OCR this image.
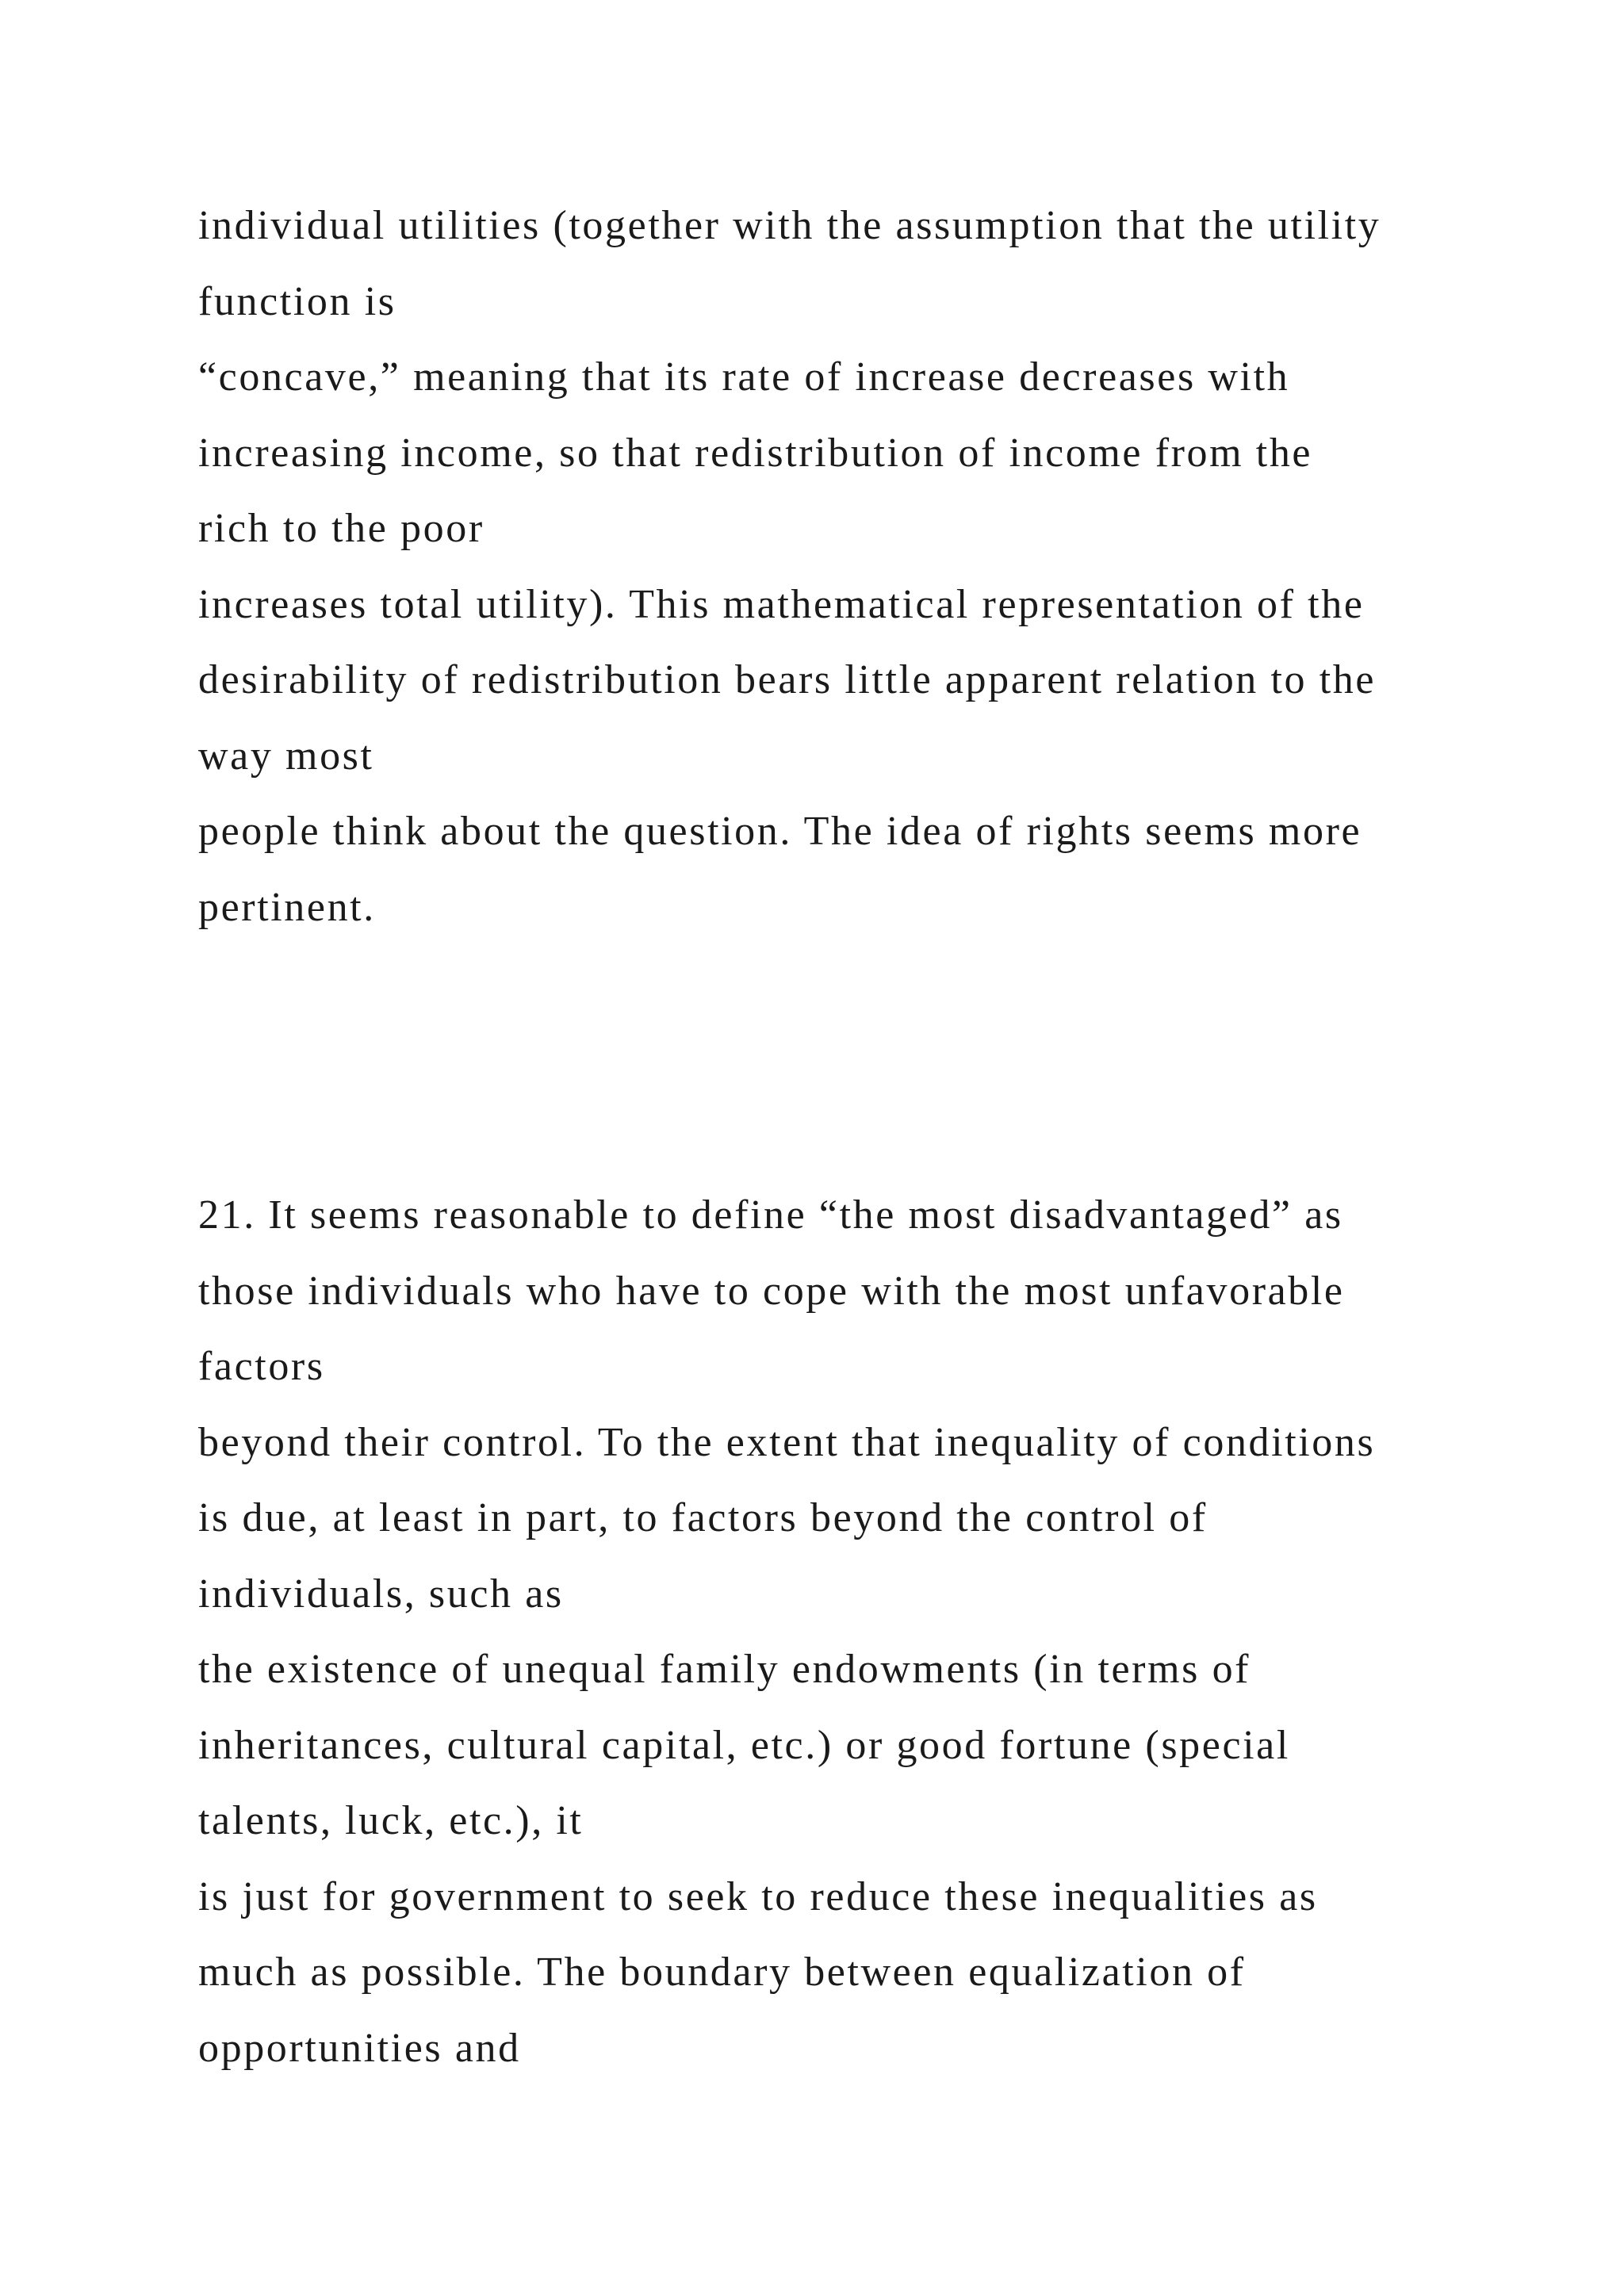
individual utilities (together with the assumption that the utility
function is
“concave,” meaning that its rate of increase decreases with
increasing income, so that redistribution of income from the
rich to the poor
increases total utility). This mathematical representation of the
desirability of redistribution bears little apparent relation to the
way most
people think about the question. The idea of rights seems more
pertinent.
21. It seems reasonable to define “the most disadvantaged” as
those individuals who have to cope with the most unfavorable
factors
beyond their control. To the extent that inequality of conditions
is due, at least in part, to factors beyond the control of
individuals, such as
the existence of unequal family endowments (in terms of
inheritances, cultural capital, etc.) or good fortune (special
talents, luck, etc.), it
is just for government to seek to reduce these inequalities as
much as possible. The boundary between equalization of
opportunities and
